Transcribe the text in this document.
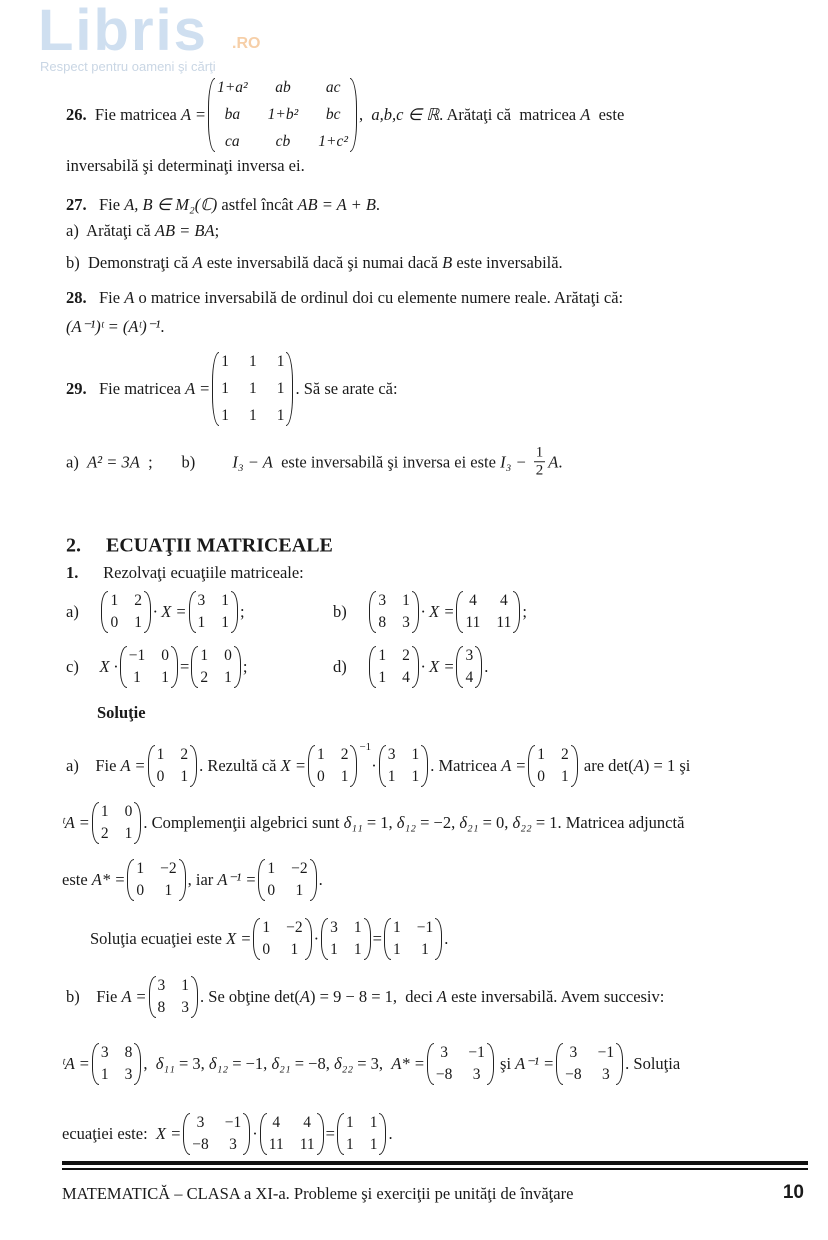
Libris .RO
Respect pentru oameni şi cărţi
26. Fie matricea A =
1+a²	ab	ac
ba	1+b²	bc
ca	cb	1+c²
, a,b,c ∈ ℝ . Arătaţi că  matricea A este
inversabilă şi determinaţi inversa ei.
27. Fie A, B ∈ M₂(ℂ) astfel încât AB = A + B .
a)  Arătaţi că AB = BA ;
b)  Demonstraţi că A este inversabilă dacă şi numai dacă B este inversabilă.
28. Fie A o matrice inversabilă de ordinul doi cu elemente numere reale. Arătaţi că:
(A⁻¹)ᵗ = (Aᵗ)⁻¹ .
29. Fie matricea A =
1 1 1
1 1 1
1 1 1
. Să se arate că:
a) A² = 3A ;       b) I₃ − A este inversabilă şi inversa ei este $I_3 - \frac{1}{2}$ A .
2.     ECUAŢII MATRICEALE
1. Rezolvaţi ecuaţiile matriceale:
a)
1 2
0 1
· X =
3 1
1 1
;	b)
3 1
8 3
· X =
4 4
11 11
;
c) X ·
−1 0
1 1
=
1 0
2 1
;	d)
1 2
1 4
· X =
3
4
.
Soluţie
a)    Fie A =
1 2
0 1
. Rezultă că X =
1 2
0 1
−1
·
3 1
1 1
. Matricea A =
1 2
0 1
are det( A ) = 1 şi
ᵗA =
1 0
2 1
. Complemenţii algebrici sunt δ₁₁ = 1, δ₁₂ = −2, δ₂₁ = 0, δ₂₂ = 1. Matricea adjunctă
este A* =
1 −2
0 1
, iar A⁻¹ =
1 −2
0 1
.
Soluţia ecuaţiei este X =
1 −2
0 1
·
3 1
1 1
=
1 −1
1 1
.
b)    Fie A =
3 1
8 3
. Se obţine det( A ) = 9 − 8 = 1,  deci A este inversabilă. Avem succesiv:
ᵗA =
3 8
1 3
, δ₁₁ = 3, δ₁₂ = −1, δ₂₁ = −8, δ₂₂ = 3, A* =
3 −1
−8 3
şi A⁻¹ =
3 −1
−8 3
. Soluţia
ecuaţiei este: X =
3 −1
−8 3
·
4 4
11 11
=
1 1
1 1
.
MATEMATICĂ – CLASA a XI-a. Probleme şi exerciţii pe unităţi de învăţare	10
